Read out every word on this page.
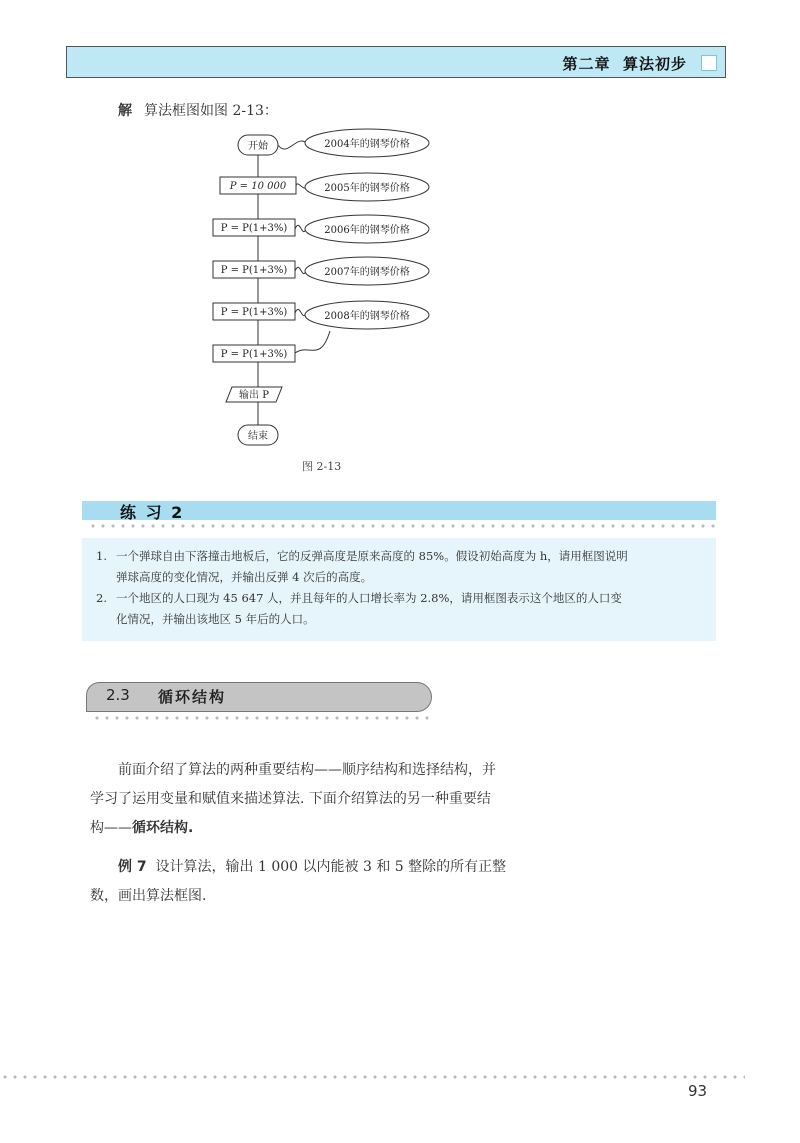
第二章 算法初步
解 算法框图如图 2-13：
开始
P = 10 000
P = P(1+3%)
P = P(1+3%)
P = P(1+3%)
P = P(1+3%)
输出 P
结束
2004年的钢琴价格
2005年的钢琴价格
2006年的钢琴价格
2007年的钢琴价格
2008年的钢琴价格
图 2-13
练 习 2
1. 一个弹球自由下落撞击地板后，它的反弹高度是原来高度的 85%。假设初始高度为 h，请用框图说明
弹球高度的变化情况，并输出反弹 4 次后的高度。
2. 一个地区的人口现为 45 647 人，并且每年的人口增长率为 2.8%，请用框图表示这个地区的人口变
化情况，并输出该地区 5 年后的人口。
2.3 循环结构
前面介绍了算法的两种重要结构——顺序结构和选择结构，并
学习了运用变量和赋值来描述算法. 下面介绍算法的另一种重要结
构——循环结构.
例 7 设计算法，输出 1 000 以内能被 3 和 5 整除的所有正整
数，画出算法框图.
93
